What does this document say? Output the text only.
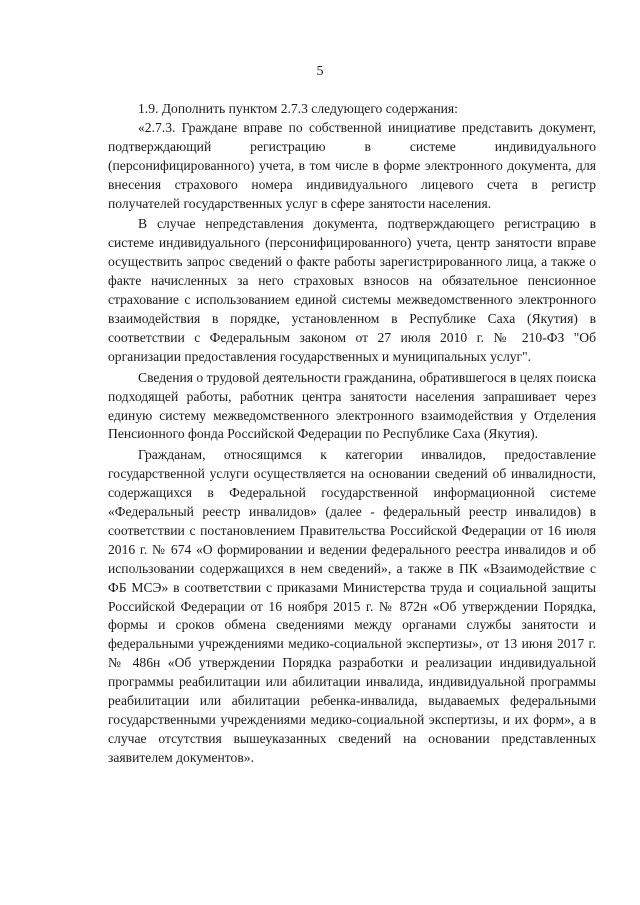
5

1.9. Дополнить пунктом 2.7.3 следующего содержания:

«2.7.3. Граждане вправе по собственной инициативе представить документ, подтверждающий регистрацию в системе индивидуального (персонифицированного) учета, в том числе в форме электронного документа, для внесения страхового номера индивидуального лицевого счета в регистр получателей государственных услуг в сфере занятости населения.

В случае непредставления документа, подтверждающего регистрацию в системе индивидуального (персонифицированного) учета, центр занятости вправе осуществить запрос сведений о факте работы зарегистрированного лица, а также о факте начисленных за него страховых взносов на обязательное пенсионное страхование с использованием единой системы межведомственного электронного взаимодействия в порядке, установленном в Республике Саха (Якутия) в соответствии с Федеральным законом от 27 июля 2010 г. № 210-ФЗ "Об организации предоставления государственных и муниципальных услуг".

Сведения о трудовой деятельности гражданина, обратившегося в целях поиска подходящей работы, работник центра занятости населения запрашивает через единую систему межведомственного электронного взаимодействия у Отделения Пенсионного фонда Российской Федерации по Республике Саха (Якутия).

Гражданам, относящимся к категории инвалидов, предоставление государственной услуги осуществляется на основании сведений об инвалидности, содержащихся в Федеральной государственной информационной системе «Федеральный реестр инвалидов» (далее - федеральный реестр инвалидов) в соответствии с постановлением Правительства Российской Федерации от 16 июля 2016 г. № 674 «О формировании и ведении федерального реестра инвалидов и об использовании содержащихся в нем сведений», а также в ПК «Взаимодействие с ФБ МСЭ» в соответствии с приказами Министерства труда и социальной защиты Российской Федерации от 16 ноября 2015 г. № 872н «Об утверждении Порядка, формы и сроков обмена сведениями между органами службы занятости и федеральными учреждениями медико-социальной экспертизы», от 13 июня 2017 г. № 486н «Об утверждении Порядка разработки и реализации индивидуальной программы реабилитации или абилитации инвалида, индивидуальной программы реабилитации или абилитации ребенка-инвалида, выдаваемых федеральными государственными учреждениями медико-социальной экспертизы, и их форм», а в случае отсутствия вышеуказанных сведений на основании представленных заявителем документов».
